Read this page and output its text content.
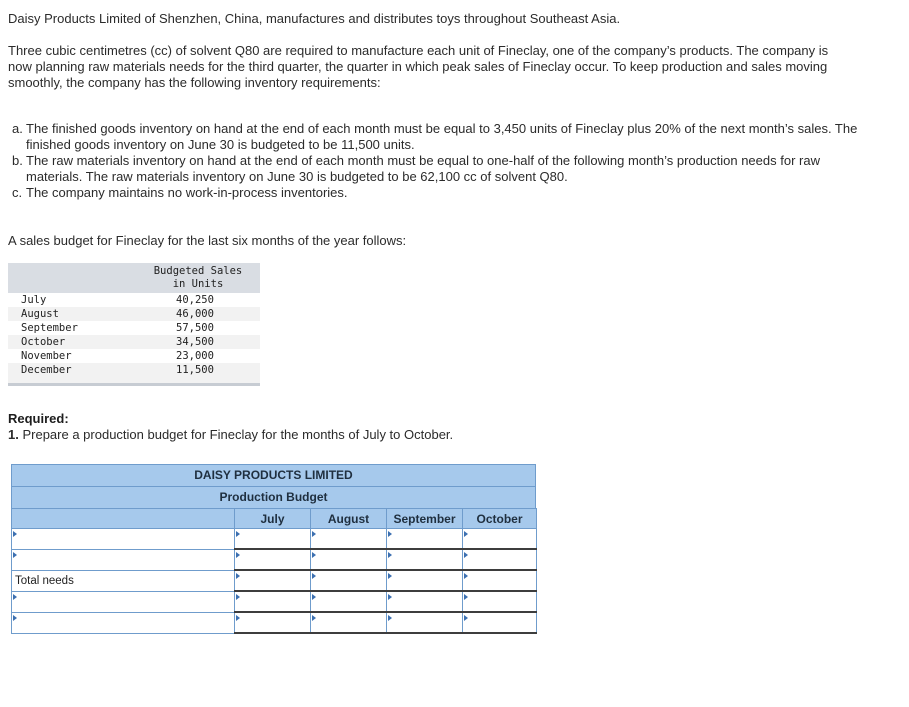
Daisy Products Limited of Shenzhen, China, manufactures and distributes toys throughout Southeast Asia.

Three cubic centimetres (cc) of solvent Q80 are required to manufacture each unit of Fineclay, one of the company’s products. The company is now planning raw materials needs for the third quarter, the quarter in which peak sales of Fineclay occur. To keep production and sales moving smoothly, the company has the following inventory requirements:

a. The finished goods inventory on hand at the end of each month must be equal to 3,450 units of Fineclay plus 20% of the next month’s sales. The finished goods inventory on June 30 is budgeted to be 11,500 units.
b. The raw materials inventory on hand at the end of each month must be equal to one-half of the following month’s production needs for raw materials. The raw materials inventory on June 30 is budgeted to be 62,100 cc of solvent Q80.
c. The company maintains no work-in-process inventories.

A sales budget for Fineclay for the last six months of the year follows:

Budgeted Sales
in Units
July	40,250
August	46,000
September	57,500
October	34,500
November	23,000
December	11,500

Required:

1. Prepare a production budget for Fineclay for the months of July to October.

DAISY PRODUCTS LIMITED
Production Budget
	July	August	September	October

Total needs				
